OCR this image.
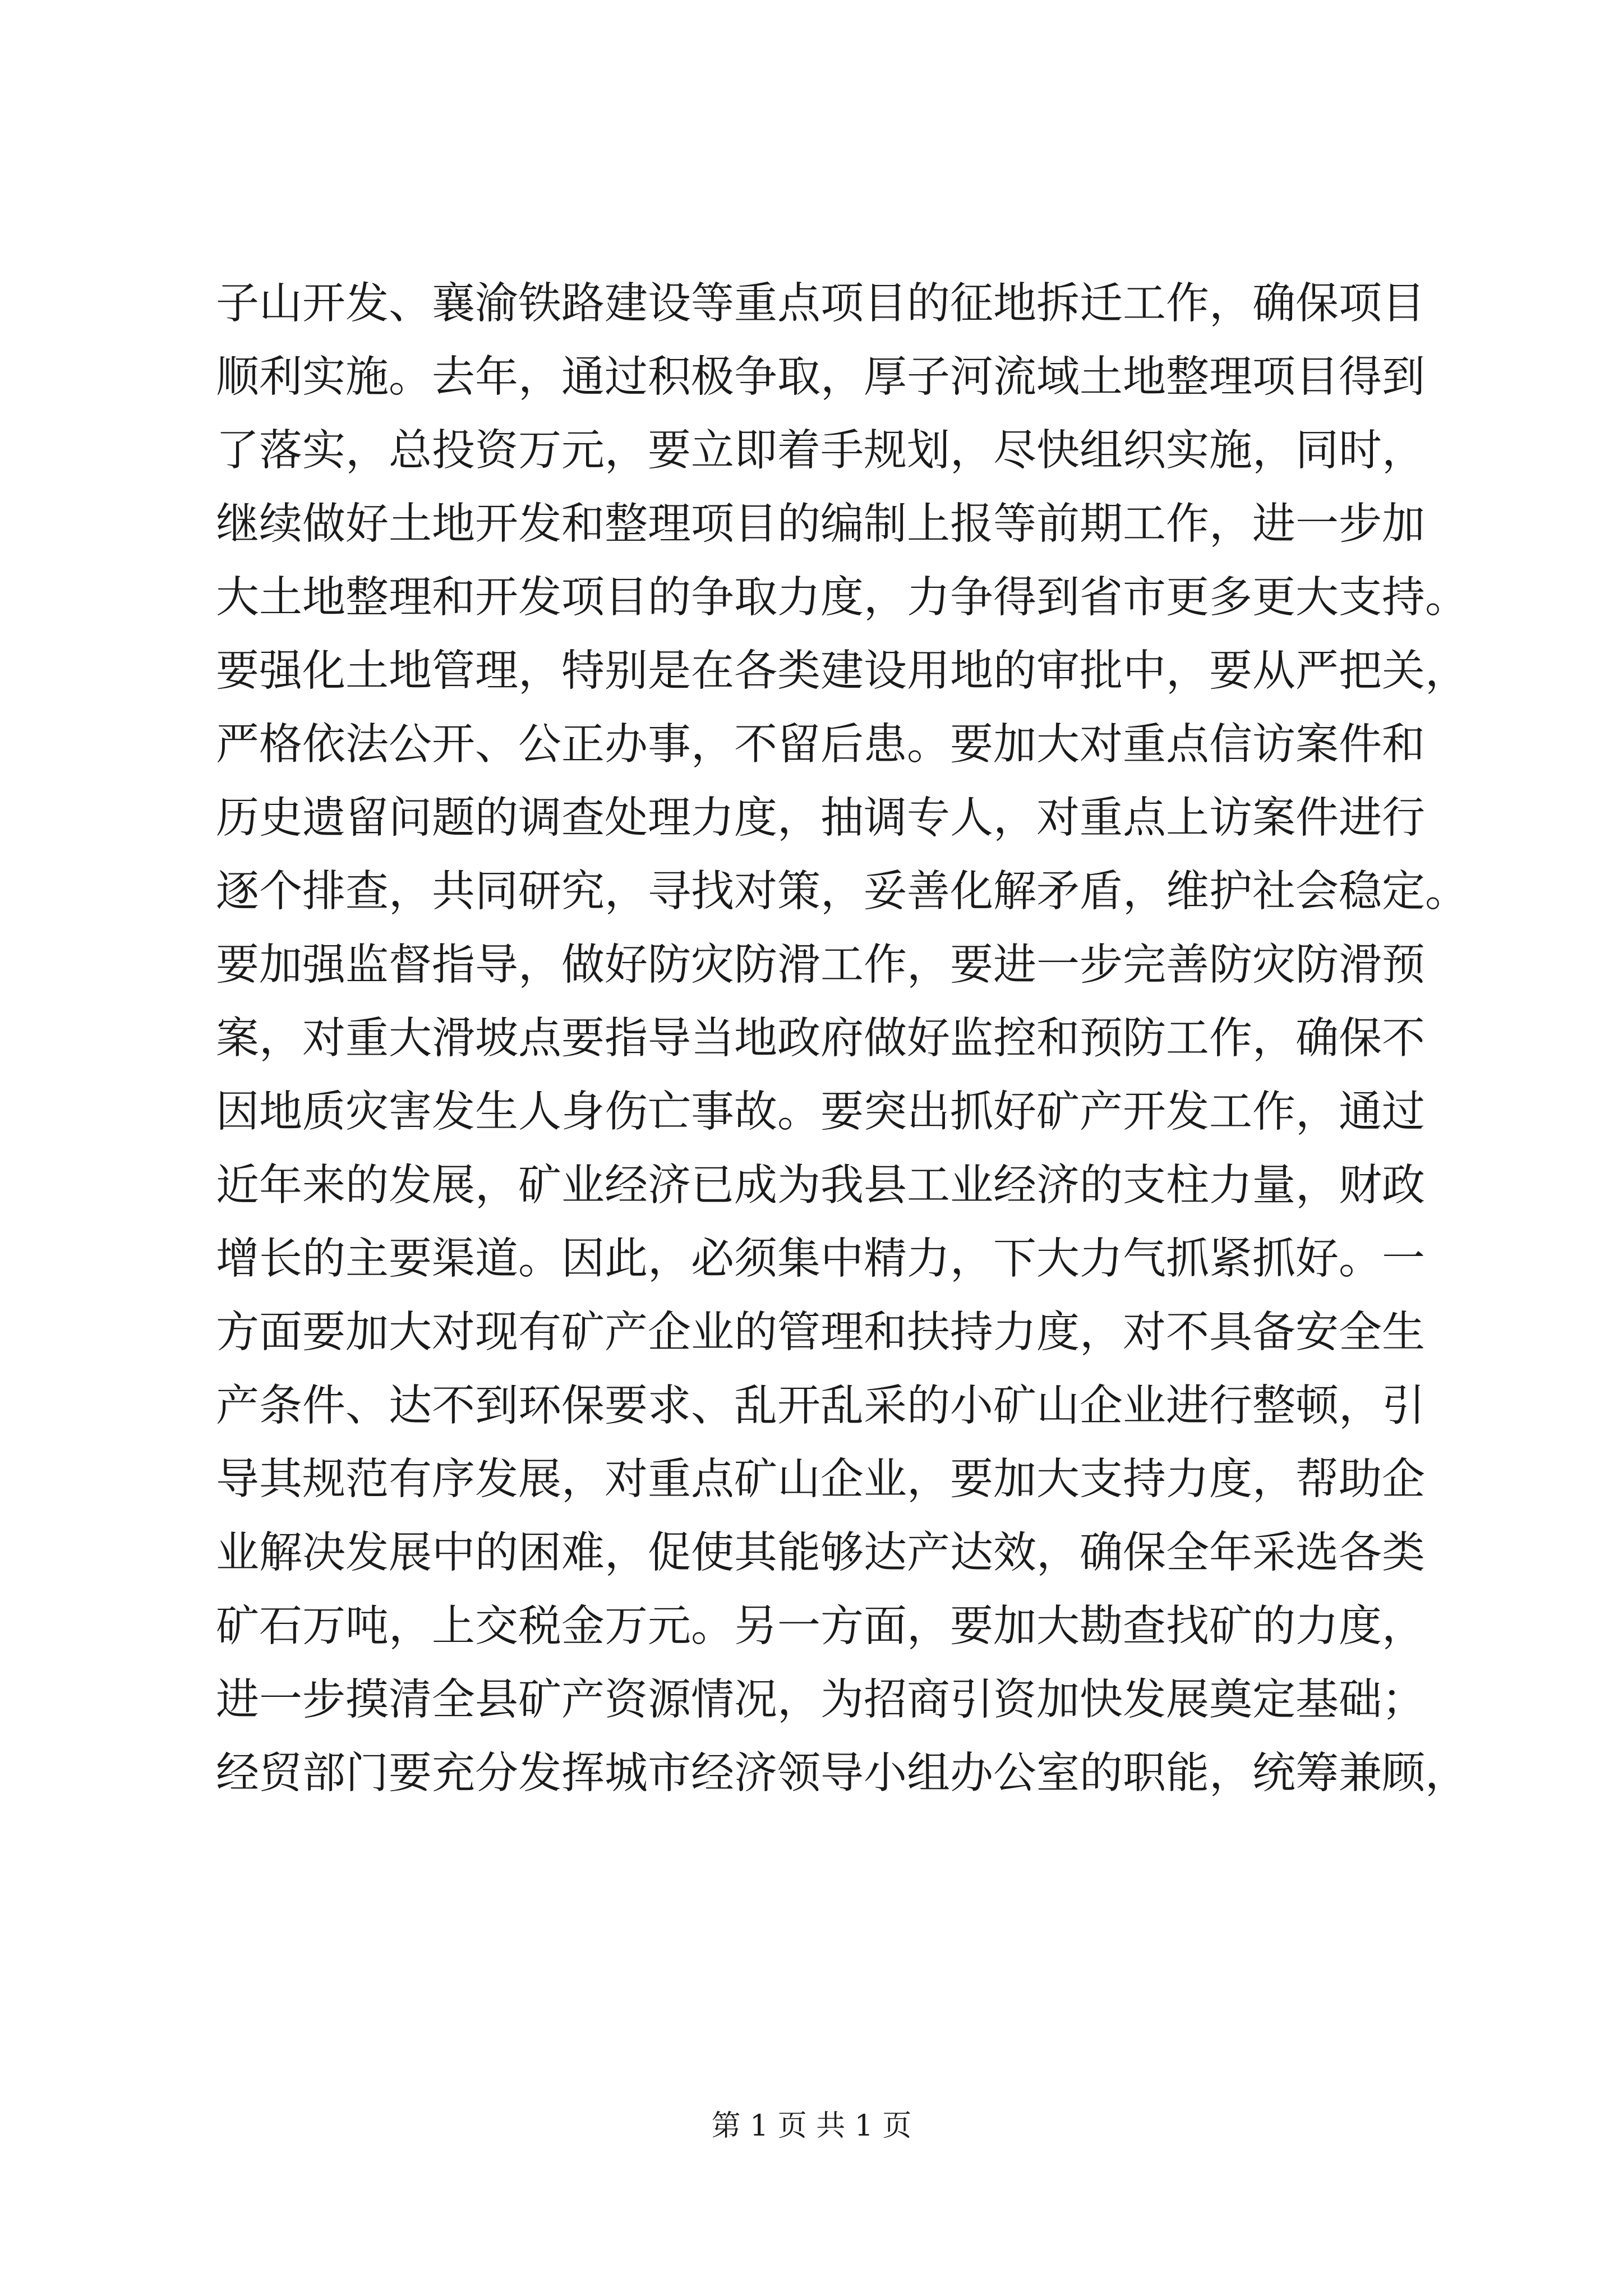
子山开发、襄渝铁路建设等重点项目的征地拆迁工作，确保项目
顺利实施。去年，通过积极争取，厚子河流域土地整理项目得到
了落实，总投资万元，要立即着手规划，尽快组织实施，同时，
继续做好土地开发和整理项目的编制上报等前期工作，进一步加
大土地整理和开发项目的争取力度，力争得到省市更多更大支持。
要强化土地管理，特别是在各类建设用地的审批中，要从严把关，
严格依法公开、公正办事，不留后患。要加大对重点信访案件和
历史遗留问题的调查处理力度，抽调专人，对重点上访案件进行
逐个排查，共同研究，寻找对策，妥善化解矛盾，维护社会稳定。
要加强监督指导，做好防灾防滑工作，要进一步完善防灾防滑预
案，对重大滑坡点要指导当地政府做好监控和预防工作，确保不
因地质灾害发生人身伤亡事故。要突出抓好矿产开发工作，通过
近年来的发展，矿业经济已成为我县工业经济的支柱力量，财政
增长的主要渠道。因此，必须集中精力，下大力气抓紧抓好。一
方面要加大对现有矿产企业的管理和扶持力度，对不具备安全生
产条件、达不到环保要求、乱开乱采的小矿山企业进行整顿，引
导其规范有序发展，对重点矿山企业，要加大支持力度，帮助企
业解决发展中的困难，促使其能够达产达效，确保全年采选各类
矿石万吨，上交税金万元。另一方面，要加大勘查找矿的力度，
进一步摸清全县矿产资源情况，为招商引资加快发展奠定基础；
经贸部门要充分发挥城市经济领导小组办公室的职能，统筹兼顾，
第 1 页 共 1 页
